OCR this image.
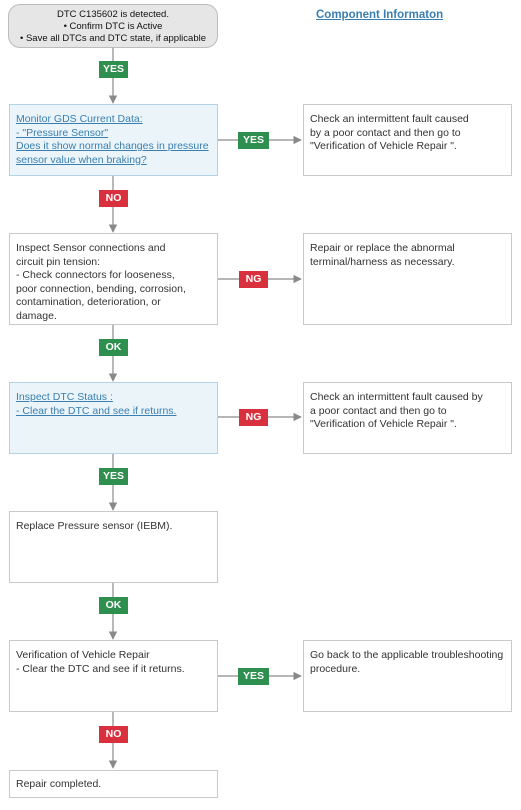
DTC C135602 is detected.
• Confirm DTC is Active
• Save all DTCs and DTC state, if applicable
Component Informaton
YES
NO
OK
YES
OK
NO
YES
NG
NG
YES
Monitor GDS Current Data:
- "Pressure Sensor"
Does it show normal changes in pressure
sensor value when braking?
Check an intermittent fault caused
by a poor contact and then go to
"Verification of Vehicle Repair ".
Inspect Sensor connections and
circuit pin tension:
- Check connectors for looseness,
poor connection, bending, corrosion,
contamination, deterioration, or
damage.
Repair or replace the abnormal
terminal/harness as necessary.
Inspect DTC Status :
- Clear the DTC and see if returns.
Check an intermittent fault caused by
a poor contact and then go to
"Verification of Vehicle Repair ".
Replace Pressure sensor (IEBM).
Verification of Vehicle Repair
- Clear the DTC and see if it returns.
Go back to the applicable troubleshooting
procedure.
Repair completed.
